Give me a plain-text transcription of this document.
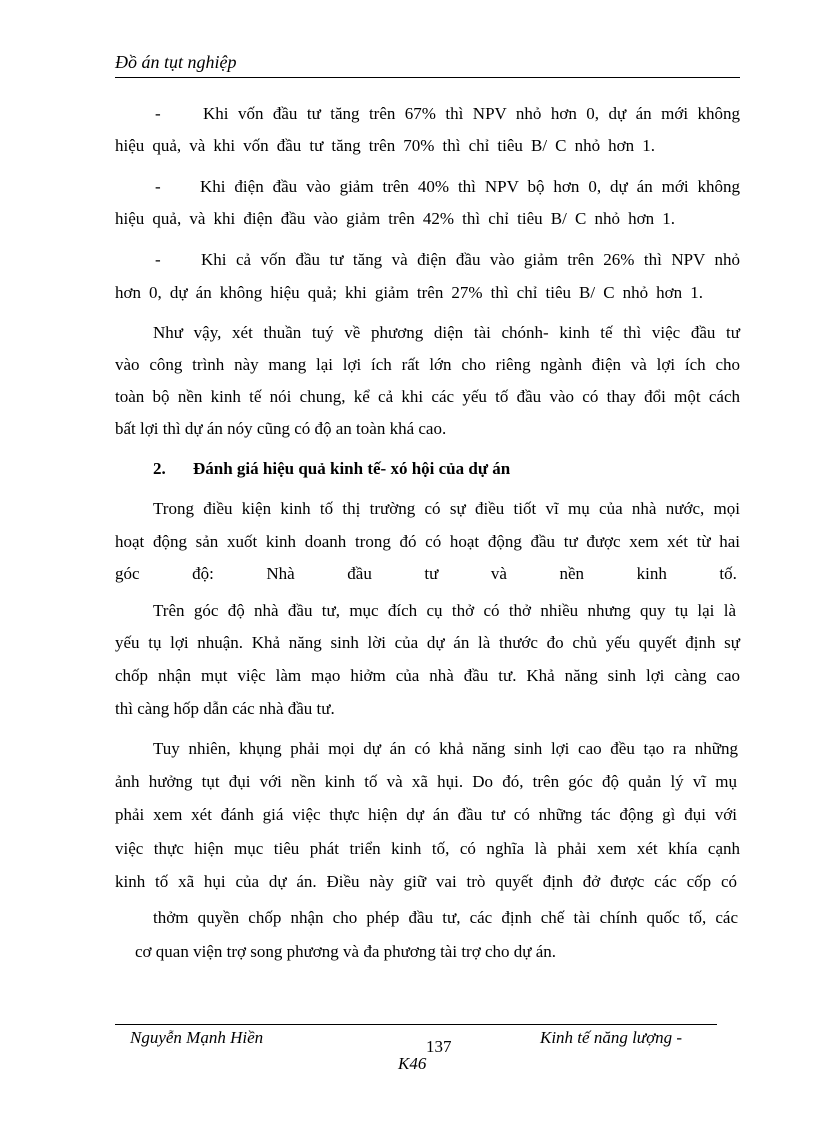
Đồ án tụt nghiệp
- Khi vốn đầu tư tăng trên 67% thì NPV nhỏ hơn 0, dự án mới không
hiệu quả, và khi vốn đầu tư tăng trên 70% thì chỉ tiêu B/ C nhỏ hơn 1.
- Khi điện đầu vào giảm trên 40% thì NPV bộ hơn 0, dự án mới không
hiệu quả, và khi điện đầu vào giảm trên 42% thì chỉ tiêu B/ C nhỏ hơn 1.
- Khi cả vốn đầu tư tăng và điện đầu vào giảm trên 26% thì NPV nhỏ
hơn 0, dự án không hiệu quả; khi giảm trên 27% thì chỉ tiêu B/ C nhỏ hơn 1.
Như vậy, xét thuần tuý về phương diện tài chónh- kinh tế thì việc đầu tư
vào công trình này mang lại lợi ích rất lớn cho riêng ngành điện và lợi ích cho
toàn bộ nền kinh tế nói chung, kể cả khi các yếu tố đầu vào có thay đổi một cách
bất lợi thì dự án nóy cũng có độ an toàn khá cao.
2.	Đánh giá hiệu quả kinh tế- xó hội của dự án
Trong điều kiện kinh tố thị trường có sự điều tiốt vĩ mụ của nhà nước, mọi
hoạt động sản xuốt kinh doanh trong đó có hoạt động đầu tư được xem xét từ hai
góc	độ:	Nhà	đầu	tư	và	nền	kinh	tố.
Trên góc độ nhà đầu tư, mục đích cụ thở có thở nhiều nhưng quy tụ lại là
yếu tụ lợi nhuận. Khả năng sinh lời của dự án là thước đo chủ yếu quyết định sự
chốp nhận mụt việc làm mạo hiởm của nhà đầu tư. Khả năng sinh lợi càng cao
thì càng hốp dẫn các nhà đầu tư.
Tuy nhiên, khụng phải mọi dự án có khả năng sinh lợi cao đều tạo ra những
ảnh hưởng tụt đụi với nền kinh tố và xã hụi. Do đó, trên góc độ quản lý vĩ mụ
phải xem xét đánh giá việc thực hiện dự án đầu tư có những tác động gì đụi với
việc thực hiện mục tiêu phát triển kinh tố, có nghĩa là phải xem xét khía cạnh
kinh tố xã hụi của dự án. Điều này giữ vai trò quyết định đở được các cốp có
thởm quyền chốp nhận cho phép đầu tư, các định chế tài chính quốc tố, các
cơ quan viện trợ song phương và đa phương tài trợ cho dự án.
Nguyễn Mạnh Hiền	137	Kinh tế năng lượng -
K46
